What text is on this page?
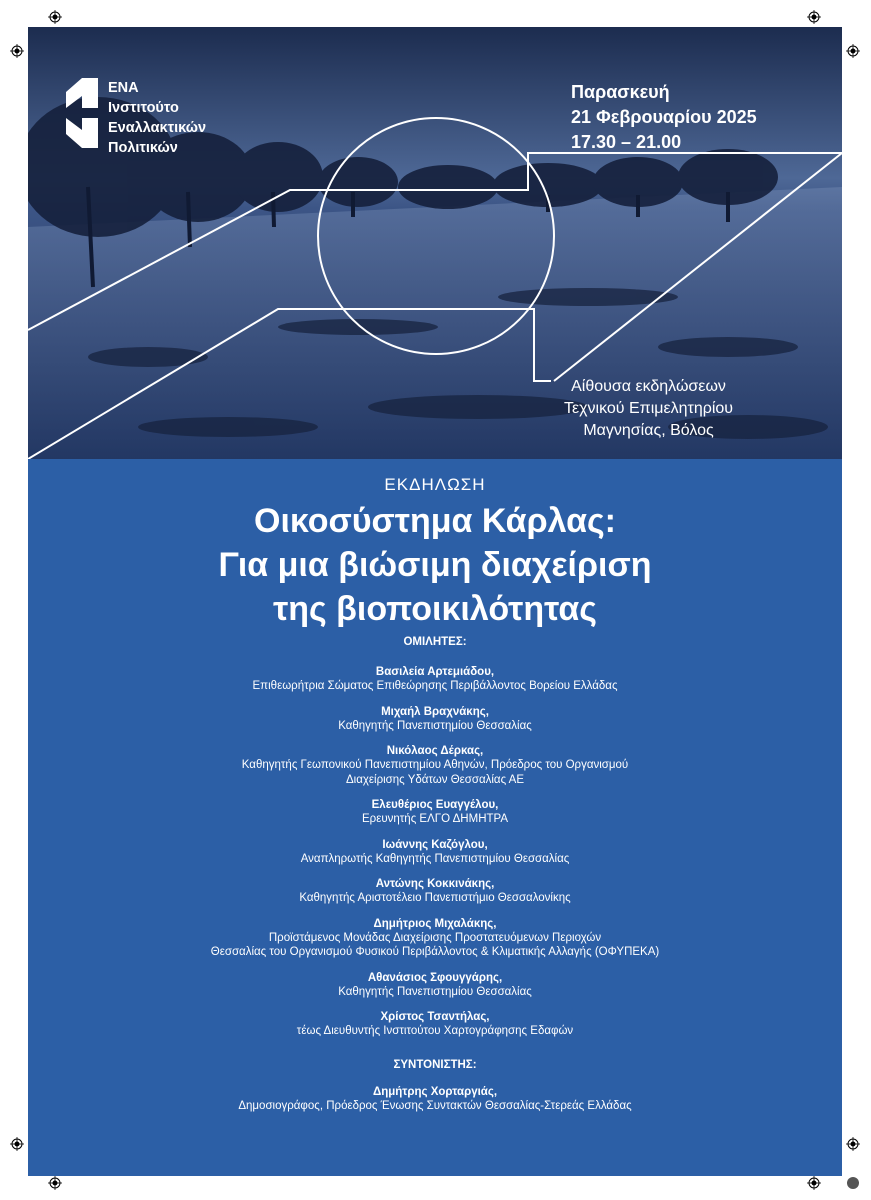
ΕΝΑ
Ινστιτούτο
Εναλλακτικών
Πολιτικών
Παρασκευή
21 Φεβρουαρίου 2025
17.30 – 21.00
Αίθουσα εκδηλώσεων
Τεχνικού Επιμελητηρίου
Μαγνησίας, Βόλος
ΕΚΔΗΛΩΣΗ
Οικοσύστημα Κάρλας:
Για μια βιώσιμη διαχείριση
της βιοποικιλότητας
ΟΜΙΛΗΤΕΣ:
Βασιλεία Αρτεμιάδου,
Επιθεωρήτρια Σώματος Επιθεώρησης Περιβάλλοντος Βορείου Ελλάδας
Μιχαήλ Βραχνάκης,
Καθηγητής Πανεπιστημίου Θεσσαλίας
Νικόλαος Δέρκας,
Καθηγητής Γεωπονικού Πανεπιστημίου Αθηνών, Πρόεδρος του Οργανισμού
Διαχείρισης Υδάτων Θεσσαλίας ΑΕ
Ελευθέριος Ευαγγέλου,
Ερευνητής ΕΛΓΟ ΔΗΜΗΤΡΑ
Ιωάννης Καζόγλου,
Αναπληρωτής Καθηγητής Πανεπιστημίου Θεσσαλίας
Αντώνης Κοκκινάκης,
Καθηγητής Αριστοτέλειο Πανεπιστήμιο Θεσσαλονίκης
Δημήτριος Μιχαλάκης,
Προϊστάμενος Μονάδας Διαχείρισης Προστατευόμενων Περιοχών
Θεσσαλίας του Οργανισμού Φυσικού Περιβάλλοντος & Κλιματικής Αλλαγής (ΟΦΥΠΕΚΑ)
Αθανάσιος Σφουγγάρης,
Καθηγητής Πανεπιστημίου Θεσσαλίας
Χρίστος Τσαντήλας,
τέως Διευθυντής Ινστιτούτου Χαρτογράφησης Εδαφών
ΣΥΝΤΟΝΙΣΤΗΣ:
Δημήτρης Χορταργιάς,
Δημοσιογράφος, Πρόεδρος Ένωσης Συντακτών Θεσσαλίας-Στερεάς Ελλάδας
